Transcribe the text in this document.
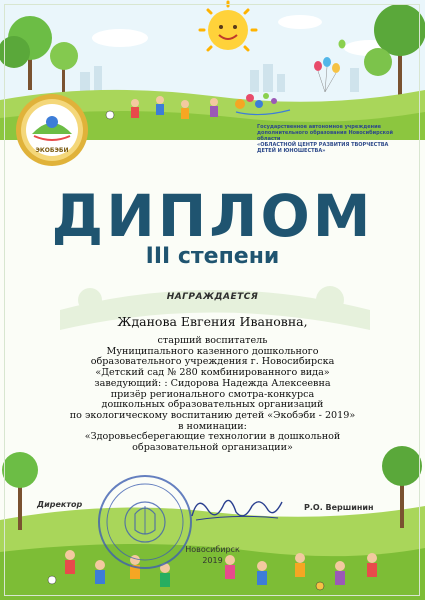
ЭКОБЭБИ
Государственное автономное учреждение
дополнительного образования Новосибирской области
«ОБЛАСТНОЙ ЦЕНТР РАЗВИТИЯ ТВОРЧЕСТВА
ДЕТЕЙ И ЮНОШЕСТВА»
ДИПЛОМ
III степени
НАГРАЖДАЕТСЯ
Жданова Евгения Ивановна,
старший воспитатель
Муниципального казенного дошкольного
образовательного учреждения г. Новосибирска
«Детский сад № 280 комбинированного вида»
заведующий: : Сидорова Надежда Алексеевна
призёр регионального смотра-конкурса
дошкольных образовательных организаций
по экологическому воспитанию детей «Экобэби - 2019»
в номинации:
«Здоровьесберегающие технологии в дошкольной
образовательной организации»
Директор	Р.О. Вершинин
Новосибирск
2019
